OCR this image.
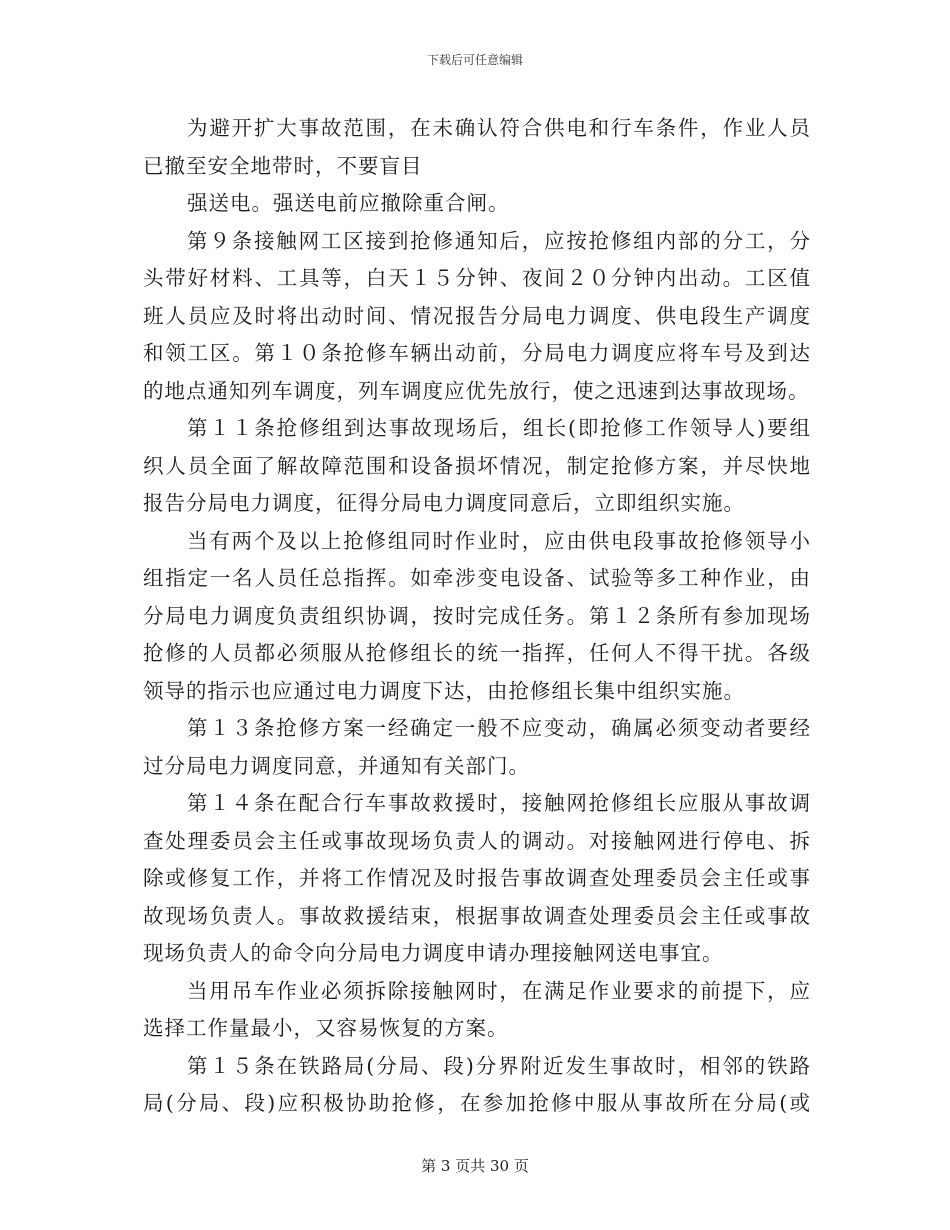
下载后可任意编辑
为避开扩大事故范围，在未确认符合供电和行车条件，作业人员
已撤至安全地带时，不要盲目
强送电。强送电前应撤除重合闸。
第９条接触网工区接到抢修通知后，应按抢修组内部的分工，分
头带好材料、工具等，白天１５分钟、夜间２０分钟内出动。工区值
班人员应及时将出动时间、情况报告分局电力调度、供电段生产调度
和领工区。第１０条抢修车辆出动前，分局电力调度应将车号及到达
的地点通知列车调度，列车调度应优先放行，使之迅速到达事故现场。
第１１条抢修组到达事故现场后，组长(即抢修工作领导人)要组
织人员全面了解故障范围和设备损坏情况，制定抢修方案，并尽快地
报告分局电力调度，征得分局电力调度同意后，立即组织实施。
当有两个及以上抢修组同时作业时，应由供电段事故抢修领导小
组指定一名人员任总指挥。如牵涉变电设备、试验等多工种作业，由
分局电力调度负责组织协调，按时完成任务。第１２条所有参加现场
抢修的人员都必须服从抢修组长的统一指挥，任何人不得干扰。各级
领导的指示也应通过电力调度下达，由抢修组长集中组织实施。
第１３条抢修方案一经确定一般不应变动，确属必须变动者要经
过分局电力调度同意，并通知有关部门。
第１４条在配合行车事故救援时，接触网抢修组长应服从事故调
查处理委员会主任或事故现场负责人的调动。对接触网进行停电、拆
除或修复工作，并将工作情况及时报告事故调查处理委员会主任或事
故现场负责人。事故救援结束，根据事故调查处理委员会主任或事故
现场负责人的命令向分局电力调度申请办理接触网送电事宜。
当用吊车作业必须拆除接触网时，在满足作业要求的前提下，应
选择工作量最小，又容易恢复的方案。
第１５条在铁路局(分局、段)分界附近发生事故时，相邻的铁路
局(分局、段)应积极协助抢修，在参加抢修中服从事故所在分局(或
第 3 页共 30 页
